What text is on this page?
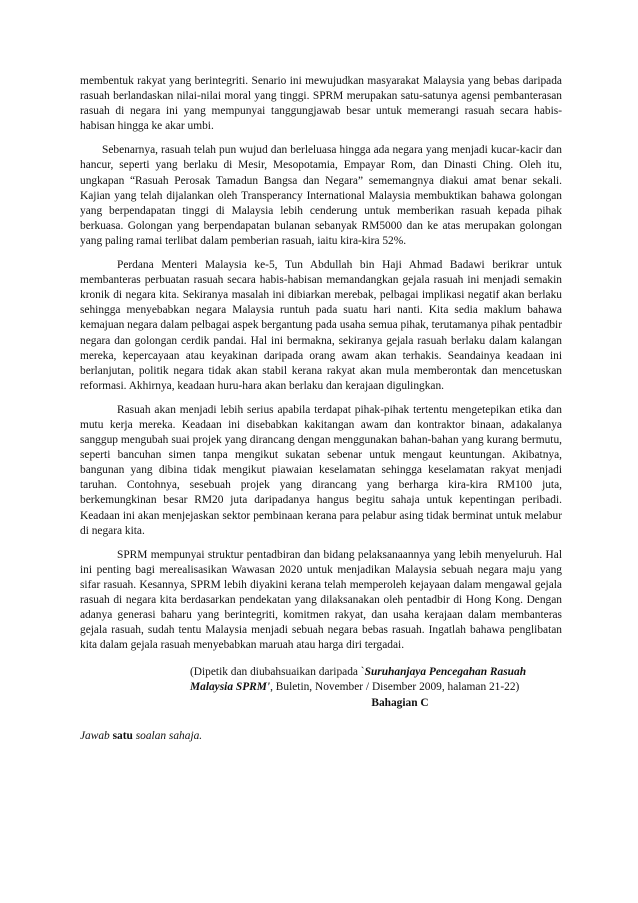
membentuk rakyat yang berintegriti. Senario ini mewujudkan masyarakat Malaysia yang bebas daripada rasuah berlandaskan nilai-nilai moral yang tinggi. SPRM merupakan satu-satunya agensi pembanterasan rasuah di negara ini yang mempunyai tanggungjawab besar untuk memerangi rasuah secara habis-habisan hingga ke akar umbi.

Sebenarnya, rasuah telah pun wujud dan berleluasa hingga ada negara yang menjadi kucar-kacir dan hancur, seperti yang berlaku di Mesir, Mesopotamia, Empayar Rom, dan Dinasti Ching. Oleh itu, ungkapan “Rasuah Perosak Tamadun Bangsa dan Negara” sememangnya diakui amat benar sekali. Kajian yang telah dijalankan oleh Transperancy International Malaysia membuktikan bahawa golongan yang berpendapatan tinggi di Malaysia lebih cenderung untuk memberikan rasuah kepada pihak berkuasa. Golongan yang berpendapatan bulanan sebanyak RM5000 dan ke atas merupakan golongan yang paling ramai terlibat dalam pemberian rasuah, iaitu kira-kira 52%.

Perdana Menteri Malaysia ke-5, Tun Abdullah bin Haji Ahmad Badawi berikrar untuk membanteras perbuatan rasuah secara habis-habisan memandangkan gejala rasuah ini menjadi semakin kronik di negara kita. Sekiranya masalah ini dibiarkan merebak, pelbagai implikasi negatif akan berlaku sehingga menyebabkan negara Malaysia runtuh pada suatu hari nanti. Kita sedia maklum bahawa kemajuan negara dalam pelbagai aspek bergantung pada usaha semua pihak, terutamanya pihak pentadbir negara dan golongan cerdik pandai. Hal ini bermakna, sekiranya gejala rasuah berlaku dalam kalangan mereka, kepercayaan atau keyakinan daripada orang awam akan terhakis. Seandainya keadaan ini berlanjutan, politik negara tidak akan stabil kerana rakyat akan mula memberontak dan mencetuskan reformasi. Akhirnya, keadaan huru-hara akan berlaku dan kerajaan digulingkan.

Rasuah akan menjadi lebih serius apabila terdapat pihak-pihak tertentu mengetepikan etika dan mutu kerja mereka. Keadaan ini disebabkan kakitangan awam dan kontraktor binaan, adakalanya sanggup mengubah suai projek yang dirancang dengan menggunakan bahan-bahan yang kurang bermutu, seperti bancuhan simen tanpa mengikut sukatan sebenar untuk mengaut keuntungan. Akibatnya, bangunan yang dibina tidak mengikut piawaian keselamatan sehingga keselamatan rakyat menjadi taruhan. Contohnya, sesebuah projek yang dirancang yang berharga kira-kira RM100 juta, berkemungkinan besar RM20 juta daripadanya hangus begitu sahaja untuk kepentingan peribadi. Keadaan ini akan menjejaskan sektor pembinaan kerana para pelabur asing tidak berminat untuk melabur di negara kita.

SPRM mempunyai struktur pentadbiran dan bidang pelaksanaannya yang lebih menyeluruh. Hal ini penting bagi merealisasikan Wawasan 2020 untuk menjadikan Malaysia sebuah negara maju yang sifar rasuah. Kesannya, SPRM lebih diyakini kerana telah memperoleh kejayaan dalam mengawal gejala rasuah di negara kita berdasarkan pendekatan yang dilaksanakan oleh pentadbir di Hong Kong. Dengan adanya generasi baharu yang berintegriti, komitmen rakyat, dan usaha kerajaan dalam membanteras gejala rasuah, sudah tentu Malaysia menjadi sebuah negara bebas rasuah. Ingatlah bahawa penglibatan kita dalam gejala rasuah menyebabkan maruah atau harga diri tergadai.

(Dipetik dan diubahsuaikan daripada `Suruhanjaya Pencegahan Rasuah Malaysia SPRM', Buletin, November / Disember 2009, halaman 21-22)
Bahagian C
Jawab satu soalan sahaja.
